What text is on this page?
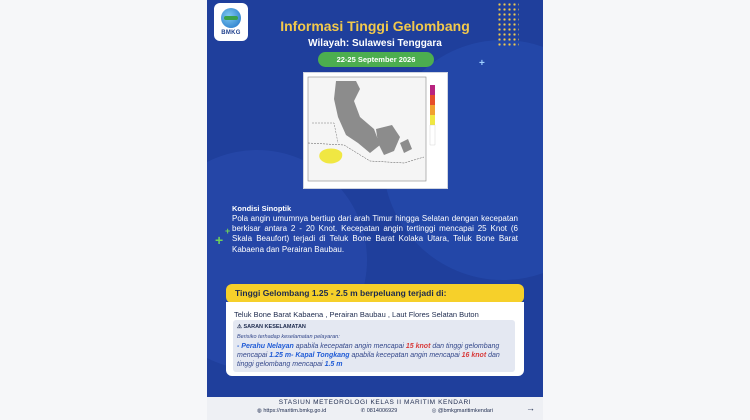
BMKG	Informasi Tinggi Gelombang
Wilayah: Sulawesi Tenggara
22-25 September 2026
Kondisi Sinoptik
Pola angin umumnya bertiup dari arah Timur hingga Selatan dengan kecepatan berkisar antara 2 - 20 Knot. Kecepatan angin tertinggi mencapai 25 Knot (6 Skala Beaufort) terjadi di Teluk Bone Barat Kolaka Utara, Teluk Bone Barat Kabaena dan Perairan Baubau.
Tinggi Gelombang 1.25 - 2.5 m berpeluang terjadi di:
Teluk Bone Barat Kabaena , Perairan Baubau , Laut Flores Selatan Buton
⚠ SARAN KESELAMATAN
Berisiko terhadap keselamatan pelayaran:
- Perahu Nelayan apabila kecepatan angin mencapai 15 knot dan tinggi gelombang mencapai 1.25 m- Kapal Tongkang apabila kecepatan angin mencapai 16 knot dan tinggi gelombang mencapai 1.5 m
+
+
+
STASIUN METEOROLOGI KELAS II MARITIM KENDARI
◍ https://maritim.bmkg.go.id	✆ 0814006929	◎ @bmkgmaritimkendari	→
